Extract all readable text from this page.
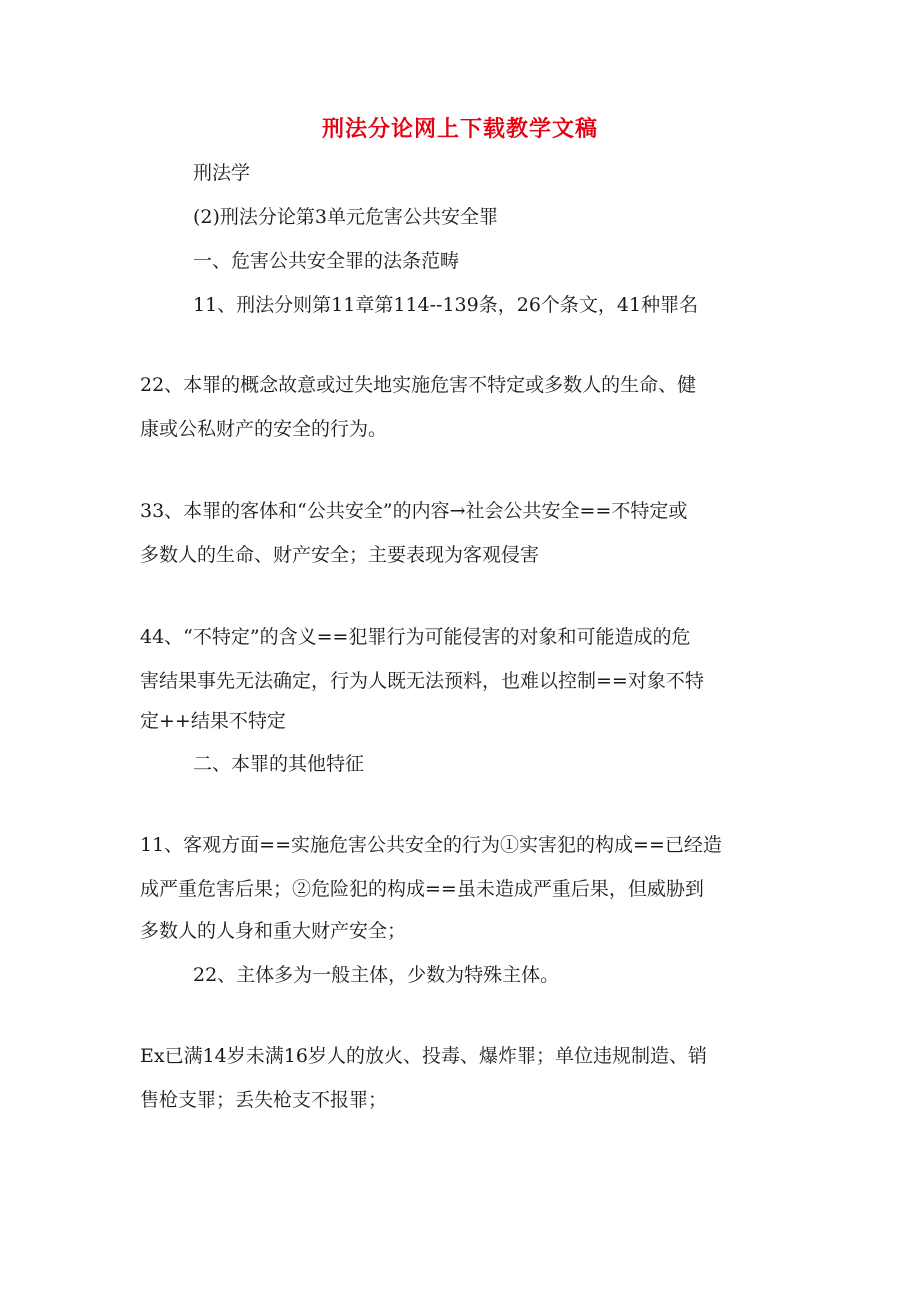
刑法分论网上下载教学文稿
刑法学
(2)刑法分论第3单元危害公共安全罪
一、危害公共安全罪的法条范畴
11、刑法分则第11章第114--139条，26个条文，41种罪名
22、本罪的概念故意或过失地实施危害不特定或多数人的生命、健
康或公私财产的安全的行为。
33、本罪的客体和“公共安全”的内容→社会公共安全==不特定或
多数人的生命、财产安全；主要表现为客观侵害
44、“不特定”的含义==犯罪行为可能侵害的对象和可能造成的危
害结果事先无法确定，行为人既无法预料，也难以控制==对象不特
定++结果不特定
二、本罪的其他特征
11、客观方面==实施危害公共安全的行为①实害犯的构成==已经造
成严重危害后果；②危险犯的构成==虽未造成严重后果，但威胁到
多数人的人身和重大财产安全；
22、主体多为一般主体，少数为特殊主体。
Ex已满14岁未满16岁人的放火、投毒、爆炸罪；单位违规制造、销
售枪支罪；丢失枪支不报罪；
